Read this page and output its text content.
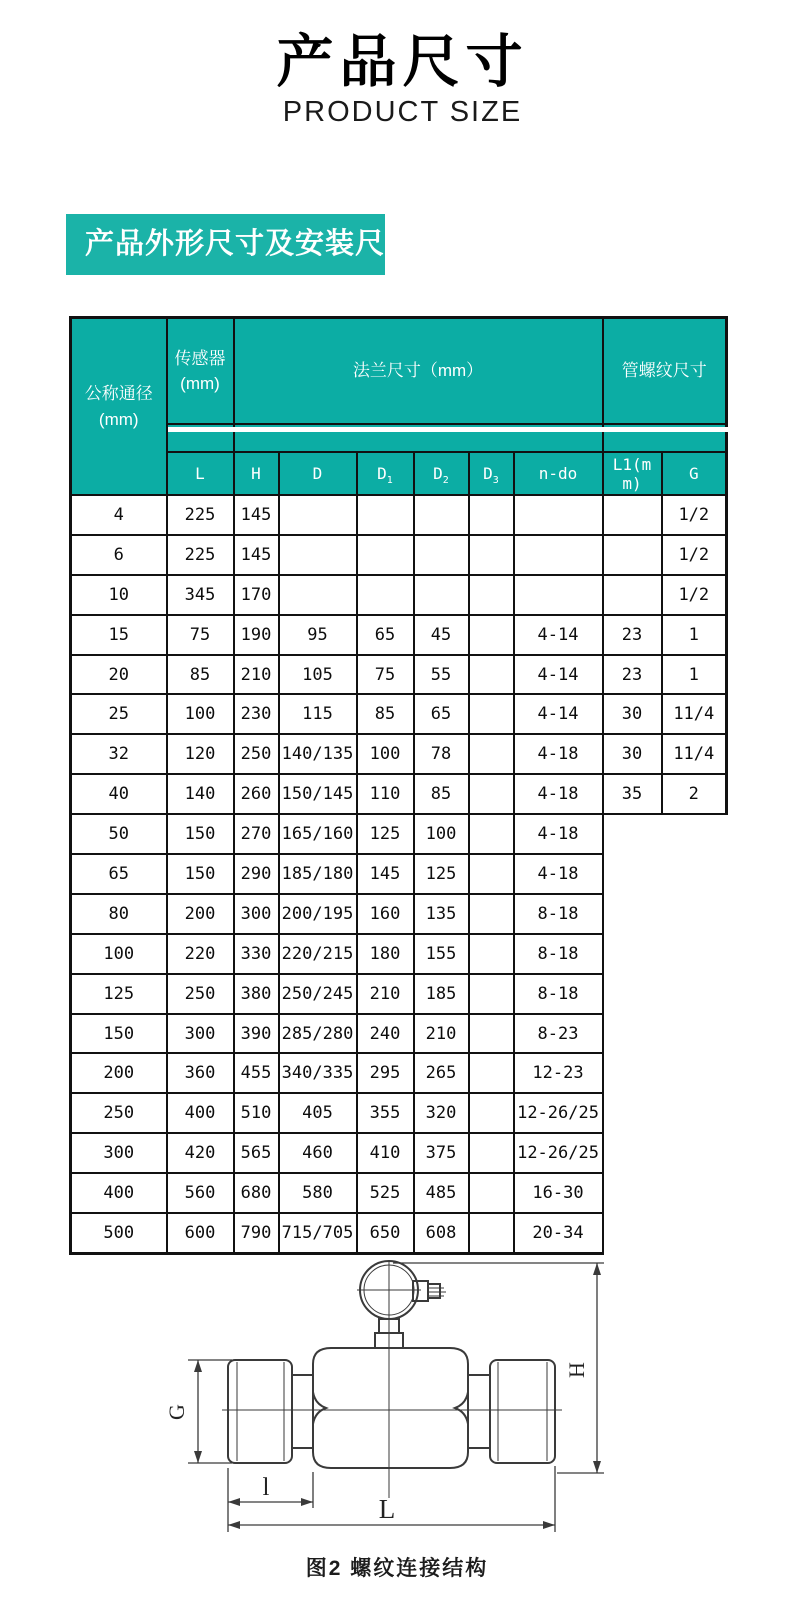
产品尺寸
PRODUCT SIZE
产品外形尺寸及安装尺寸
公称通径
(mm)

传感器
(mm)

法兰尺寸（mm）	管螺纹尺寸

	L	H	D	$D_1$	$D_2$	$D_3$	n-do	L1(mm)	G
4	225	145							1/2
6	225	145							1/2
10	345	170							1/2
15	75	190	95	65	45		4-14	23	1
20	85	210	105	75	55		4-14	23	1
25	100	230	115	85	65		4-14	30	11/4
32	120	250	140/135	100	78		4-18	30	11/4
40	140	260	150/145	110	85		4-18	35	2
50	150	270	165/160	125	100		4-18		
65	150	290	185/180	145	125		4-18		
80	200	300	200/195	160	135		8-18		
100	220	330	220/215	180	155		8-18		
125	250	380	250/245	210	185		8-18		
150	300	390	285/280	240	210		8-23		
200	360	455	340/335	295	265		12-23		
250	400	510	405	355	320		12-26/25		
300	420	565	460	410	375		12-26/25		
400	560	680	580	525	485		16-30		
500	600	790	715/705	650	608		20-34		
G
H
l
L
图2 螺纹连接结构
